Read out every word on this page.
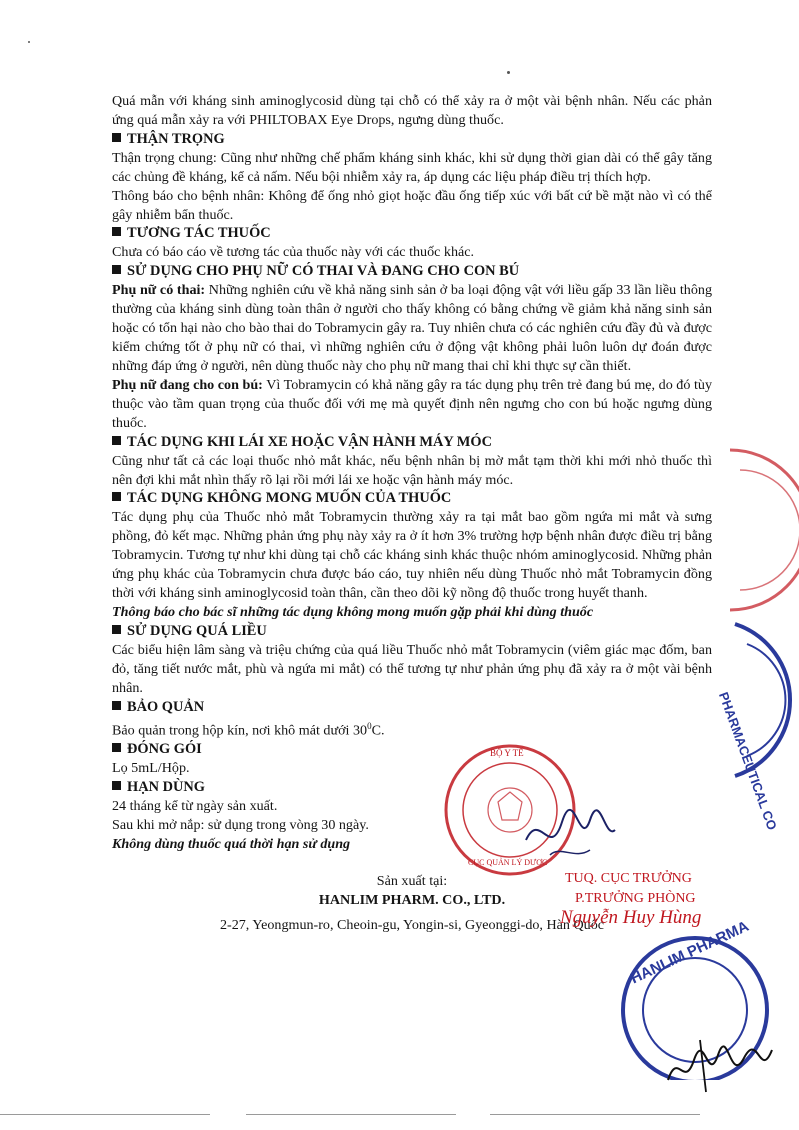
Quá mẫn với kháng sinh aminoglycosid dùng tại chỗ có thể xảy ra ở một vài bệnh nhân. Nếu các phản ứng quá mẫn xảy ra với PHILTOBAX Eye Drops, ngưng dùng thuốc.

THẬN TRỌNG

Thận trọng chung: Cũng như những chế phẩm kháng sinh khác, khi sử dụng thời gian dài có thể gây tăng các chủng đề kháng, kể cả nấm. Nếu bội nhiễm xảy ra, áp dụng các liệu pháp điều trị thích hợp.

Thông báo cho bệnh nhân: Không để ống nhỏ giọt hoặc đầu ống tiếp xúc với bất cứ bề mặt nào vì có thể gây nhiễm bẩn thuốc.

TƯƠNG TÁC THUỐC

Chưa có báo cáo về tương tác của thuốc này với các thuốc khác.

SỬ DỤNG CHO PHỤ NỮ CÓ THAI VÀ ĐANG CHO CON BÚ

Phụ nữ có thai: Những nghiên cứu về khả năng sinh sản ở ba loại động vật với liều gấp 33 lần liều thông thường của kháng sinh dùng toàn thân ở người cho thấy không có bằng chứng về giảm khả năng sinh sản hoặc có tổn hại nào cho bào thai do Tobramycin gây ra. Tuy nhiên chưa có các nghiên cứu đầy đủ và được kiểm chứng tốt ở phụ nữ có thai, vì những nghiên cứu ở động vật không phải luôn luôn dự đoán được những đáp ứng ở người, nên dùng thuốc này cho phụ nữ mang thai chỉ khi thực sự cần thiết.

Phụ nữ đang cho con bú: Vì Tobramycin có khả năng gây ra tác dụng phụ trên trẻ đang bú mẹ, do đó tùy thuộc vào tầm quan trọng của thuốc đối với mẹ mà quyết định nên ngưng cho con bú hoặc ngưng dùng thuốc.

TÁC DỤNG KHI LÁI XE HOẶC VẬN HÀNH MÁY MÓC

Cũng như tất cả các loại thuốc nhỏ mắt khác, nếu bệnh nhân bị mờ mắt tạm thời khi mới nhỏ thuốc thì nên đợi khi mắt nhìn thấy rõ lại rồi mới lái xe hoặc vận hành máy móc.

TÁC DỤNG KHÔNG MONG MUỐN CỦA THUỐC

Tác dụng phụ của Thuốc nhỏ mắt Tobramycin thường xảy ra tại mắt bao gồm ngứa mi mắt và sưng phồng, đỏ kết mạc. Những phản ứng phụ này xảy ra ở ít hơn 3% trường hợp bệnh nhân được điều trị bằng Tobramycin. Tương tự như khi dùng tại chỗ các kháng sinh khác thuộc nhóm aminoglycosid. Những phản ứng phụ khác của Tobramycin chưa được báo cáo, tuy nhiên nếu dùng Thuốc nhỏ mắt Tobramycin đồng thời với kháng sinh aminoglycosid toàn thân, cần theo dõi kỹ nồng độ thuốc trong huyết thanh.

Thông báo cho bác sĩ những tác dụng không mong muốn gặp phải khi dùng thuốc

SỬ DỤNG QUÁ LIỀU

Các biểu hiện lâm sàng và triệu chứng của quá liều Thuốc nhỏ mắt Tobramycin (viêm giác mạc đốm, ban đỏ, tăng tiết nước mắt, phù và ngứa mi mắt) có thể tương tự như phản ứng phụ đã xảy ra ở một vài bệnh nhân.

BẢO QUẢN

Bảo quản trong hộp kín, nơi khô mát dưới $30^0C$.

ĐÓNG GÓI

Lọ 5mL/Hộp.

HẠN DÙNG

24 tháng kể từ ngày sản xuất.

Sau khi mở nắp: sử dụng trong vòng 30 ngày.

Không dùng thuốc quá thời hạn sử dụng

Sản xuất tại:

HANLIM PHARM. CO., LTD.

2-27, Yeongmun-ro, Cheoin-gu, Yongin-si, Gyeonggi-do, Hàn Quốc

BỘ Y TẾ
CỤC QUẢN LÝ DƯỢC
TUQ. CỤC TRƯỞNG
P.TRƯỞNG PHÒNG
Nguyễn Huy Hùng
PHARMACEUTICAL CO
HANLIM PHARMA
